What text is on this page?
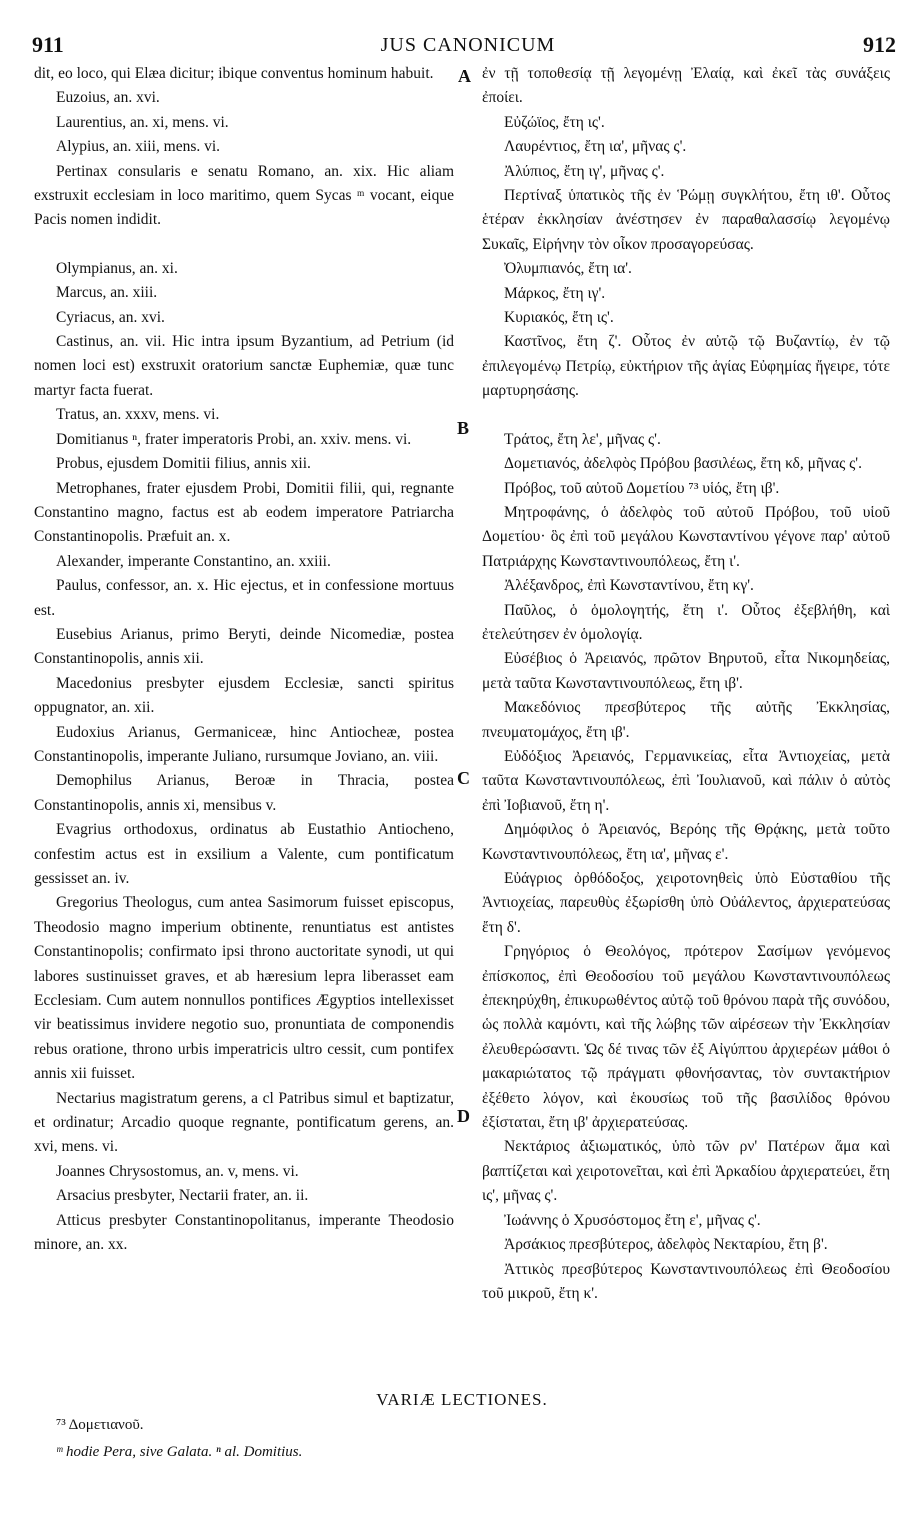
911	JUS CANONICUM	912

dit, eo loco, qui Elæa dicitur; ibique conventus hominum habuit.

Euzoius, an. xvi.

Laurentius, an. xi, mens. vi.

Alypius, an. xiii, mens. vi.

Pertinax consularis e senatu Romano, an. xix. Hic aliam exstruxit ecclesiam in loco maritimo, quem Sycas ᵐ vocant, eique Pacis nomen indidit.

Olympianus, an. xi.

Marcus, an. xiii.

Cyriacus, an. xvi.

Castinus, an. vii. Hic intra ipsum Byzantium, ad Petrium (id nomen loci est) exstruxit oratorium sanctæ Euphemiæ, quæ tunc martyr facta fuerat.

Tratus, an. xxxv, mens. vi.

Domitianus ⁿ, frater imperatoris Probi, an. xxiv. mens. vi.

Probus, ejusdem Domitii filius, annis xii.

Metrophanes, frater ejusdem Probi, Domitii filii, qui, regnante Constantino magno, factus est ab eodem imperatore Patriarcha Constantinopolis. Præfuit an. x.

Alexander, imperante Constantino, an. xxiii.

Paulus, confessor, an. x. Hic ejectus, et in confessione mortuus est.

Eusebius Arianus, primo Beryti, deinde Nicomediæ, postea Constantinopolis, annis xii.

Macedonius presbyter ejusdem Ecclesiæ, sancti spiritus oppugnator, an. xii.

Eudoxius Arianus, Germaniceæ, hinc Antiocheæ, postea Constantinopolis, imperante Juliano, rursumque Joviano, an. viii.

Demophilus Arianus, Beroæ in Thracia, postea Constantinopolis, annis xi, mensibus v.

Evagrius orthodoxus, ordinatus ab Eustathio Antiocheno, confestim actus est in exsilium a Valente, cum pontificatum gessisset an. iv.

Gregorius Theologus, cum antea Sasimorum fuisset episcopus, Theodosio magno imperium obtinente, renuntiatus est antistes Constantinopolis; confirmato ipsi throno auctoritate synodi, ut qui labores sustinuisset graves, et ab hæresium lepra liberasset eam Ecclesiam. Cum autem nonnullos pontifices Ægyptios intellexisset vir beatissimus invidere negotio suo, pronuntiata de componendis rebus oratione, throno urbis imperatricis ultro cessit, cum pontifex annis xii fuisset.

Nectarius magistratum gerens, a cl Patribus simul et baptizatur, et ordinatur; Arcadio quoque regnante, pontificatum gerens, an. xvi, mens. vi.

Joannes Chrysostomus, an. v, mens. vi.

Arsacius presbyter, Nectarii frater, an. ii.

Atticus presbyter Constantinopolitanus, imperante Theodosio minore, an. xx.

ἐν τῇ τοποθεσίᾳ τῇ λεγομένῃ Ἐλαίᾳ, καὶ ἐκεῖ τὰς συνάξεις ἐποίει.

Εὐζώϊος, ἔτη ις'.

Λαυρέντιος, ἔτη ια', μῆνας ς'.

Ἀλύπιος, ἔτη ιγ', μῆνας ς'.

Περτίναξ ὑπατικὸς τῆς ἐν Ῥώμῃ συγκλήτου, ἔτη ιθ'. Οὗτος ἑτέραν ἐκκλησίαν ἀνέστησεν ἐν παραθαλασσίῳ λεγομένῳ Συκαῖς, Εἰρήνην τὸν οἶκον προσαγορεύσας.

Ὀλυμπιανός, ἔτη ια'.

Μάρκος, ἔτη ιγ'.

Κυριακός, ἔτη ις'.

Καστῖνος, ἔτη ζ'. Οὗτος ἐν αὐτῷ τῷ Βυζαντίῳ, ἐν τῷ ἐπιλεγομένῳ Πετρίῳ, εὐκτήριον τῆς ἁγίας Εὐφημίας ἤγειρε, τότε μαρτυρησάσης.

Τράτος, ἔτη λε', μῆνας ς'.

Δομετιανός, ἀδελφὸς Πρόβου βασιλέως, ἔτη κδ, μῆνας ς'.

Πρόβος, τοῦ αὐτοῦ Δομετίου ⁷³ υἱός, ἔτη ιβ'.

Μητροφάνης, ὁ ἀδελφὸς τοῦ αὐτοῦ Πρόβου, τοῦ υἱοῦ Δομετίου· ὃς ἐπὶ τοῦ μεγάλου Κωνσταντίνου γέγονε παρ' αὐτοῦ Πατριάρχης Κωνσταντινουπόλεως, ἔτη ι'.

Ἀλέξανδρος, ἐπὶ Κωνσταντίνου, ἔτη κγ'.

Παῦλος, ὁ ὁμολογητής, ἔτη ι'. Οὗτος ἐξεβλήθη, καὶ ἐτελεύτησεν ἐν ὁμολογίᾳ.

Εὐσέβιος ὁ Ἀρειανός, πρῶτον Βηρυτοῦ, εἶτα Νικομηδείας, μετὰ ταῦτα Κωνσταντινουπόλεως, ἔτη ιβ'.

Μακεδόνιος πρεσβύτερος τῆς αὐτῆς Ἐκκλησίας, πνευματομάχος, ἔτη ιβ'.

Εὐδόξιος Ἀρειανός, Γερμανικείας, εἶτα Ἀντιοχείας, μετὰ ταῦτα Κωνσταντινουπόλεως, ἐπὶ Ἰουλιανοῦ, καὶ πάλιν ὁ αὐτὸς ἐπὶ Ἰοβιανοῦ, ἔτη η'.

Δημόφιλος ὁ Ἀρειανός, Βερόης τῆς Θρᾴκης, μετὰ τοῦτο Κωνσταντινουπόλεως, ἔτη ια', μῆνας ε'.

Εὐάγριος ὀρθόδοξος, χειροτονηθεὶς ὑπὸ Εὐσταθίου τῆς Ἀντιοχείας, παρευθὺς ἐξωρίσθη ὑπὸ Οὐάλεντος, ἀρχιερατεύσας ἔτη δ'.

Γρηγόριος ὁ Θεολόγος, πρότερον Σασίμων γενόμενος ἐπίσκοπος, ἐπὶ Θεοδοσίου τοῦ μεγάλου Κωνσταντινουπόλεως ἐπεκηρύχθη, ἐπικυρωθέντος αὐτῷ τοῦ θρόνου παρὰ τῆς συνόδου, ὡς πολλὰ καμόντι, καὶ τῆς λώβης τῶν αἱρέσεων τὴν Ἐκκλησίαν ἐλευθερώσαντι. Ὡς δέ τινας τῶν ἐξ Αἰγύπτου ἀρχιερέων μάθοι ὁ μακαριώτατος τῷ πράγματι φθονήσαντας, τὸν συντακτήριον ἐξέθετο λόγον, καὶ ἑκουσίως τοῦ τῆς βασιλίδος θρόνου ἐξίσταται, ἔτη ιβ' ἀρχιερατεύσας.

Νεκτάριος ἀξιωματικός, ὑπὸ τῶν ρν' Πατέρων ἅμα καὶ βαπτίζεται καὶ χειροτονεῖται, καὶ ἐπὶ Ἀρκαδίου ἀρχιερατεύει, ἔτη ις', μῆνας ς'.

Ἰωάννης ὁ Χρυσόστομος ἔτη ε', μῆνας ς'.

Ἀρσάκιος πρεσβύτερος, ἀδελφὸς Νεκταρίου, ἔτη β'.

Ἀττικὸς πρεσβύτερος Κωνσταντινουπόλεως ἐπὶ Θεοδοσίου τοῦ μικροῦ, ἔτη κ'.

A
B
C
D
VARIÆ LECTIONES.
⁷³ Δομετιανοῦ.
ᵐ hodie Pera, sive Galata. ⁿ al. Domitius.
